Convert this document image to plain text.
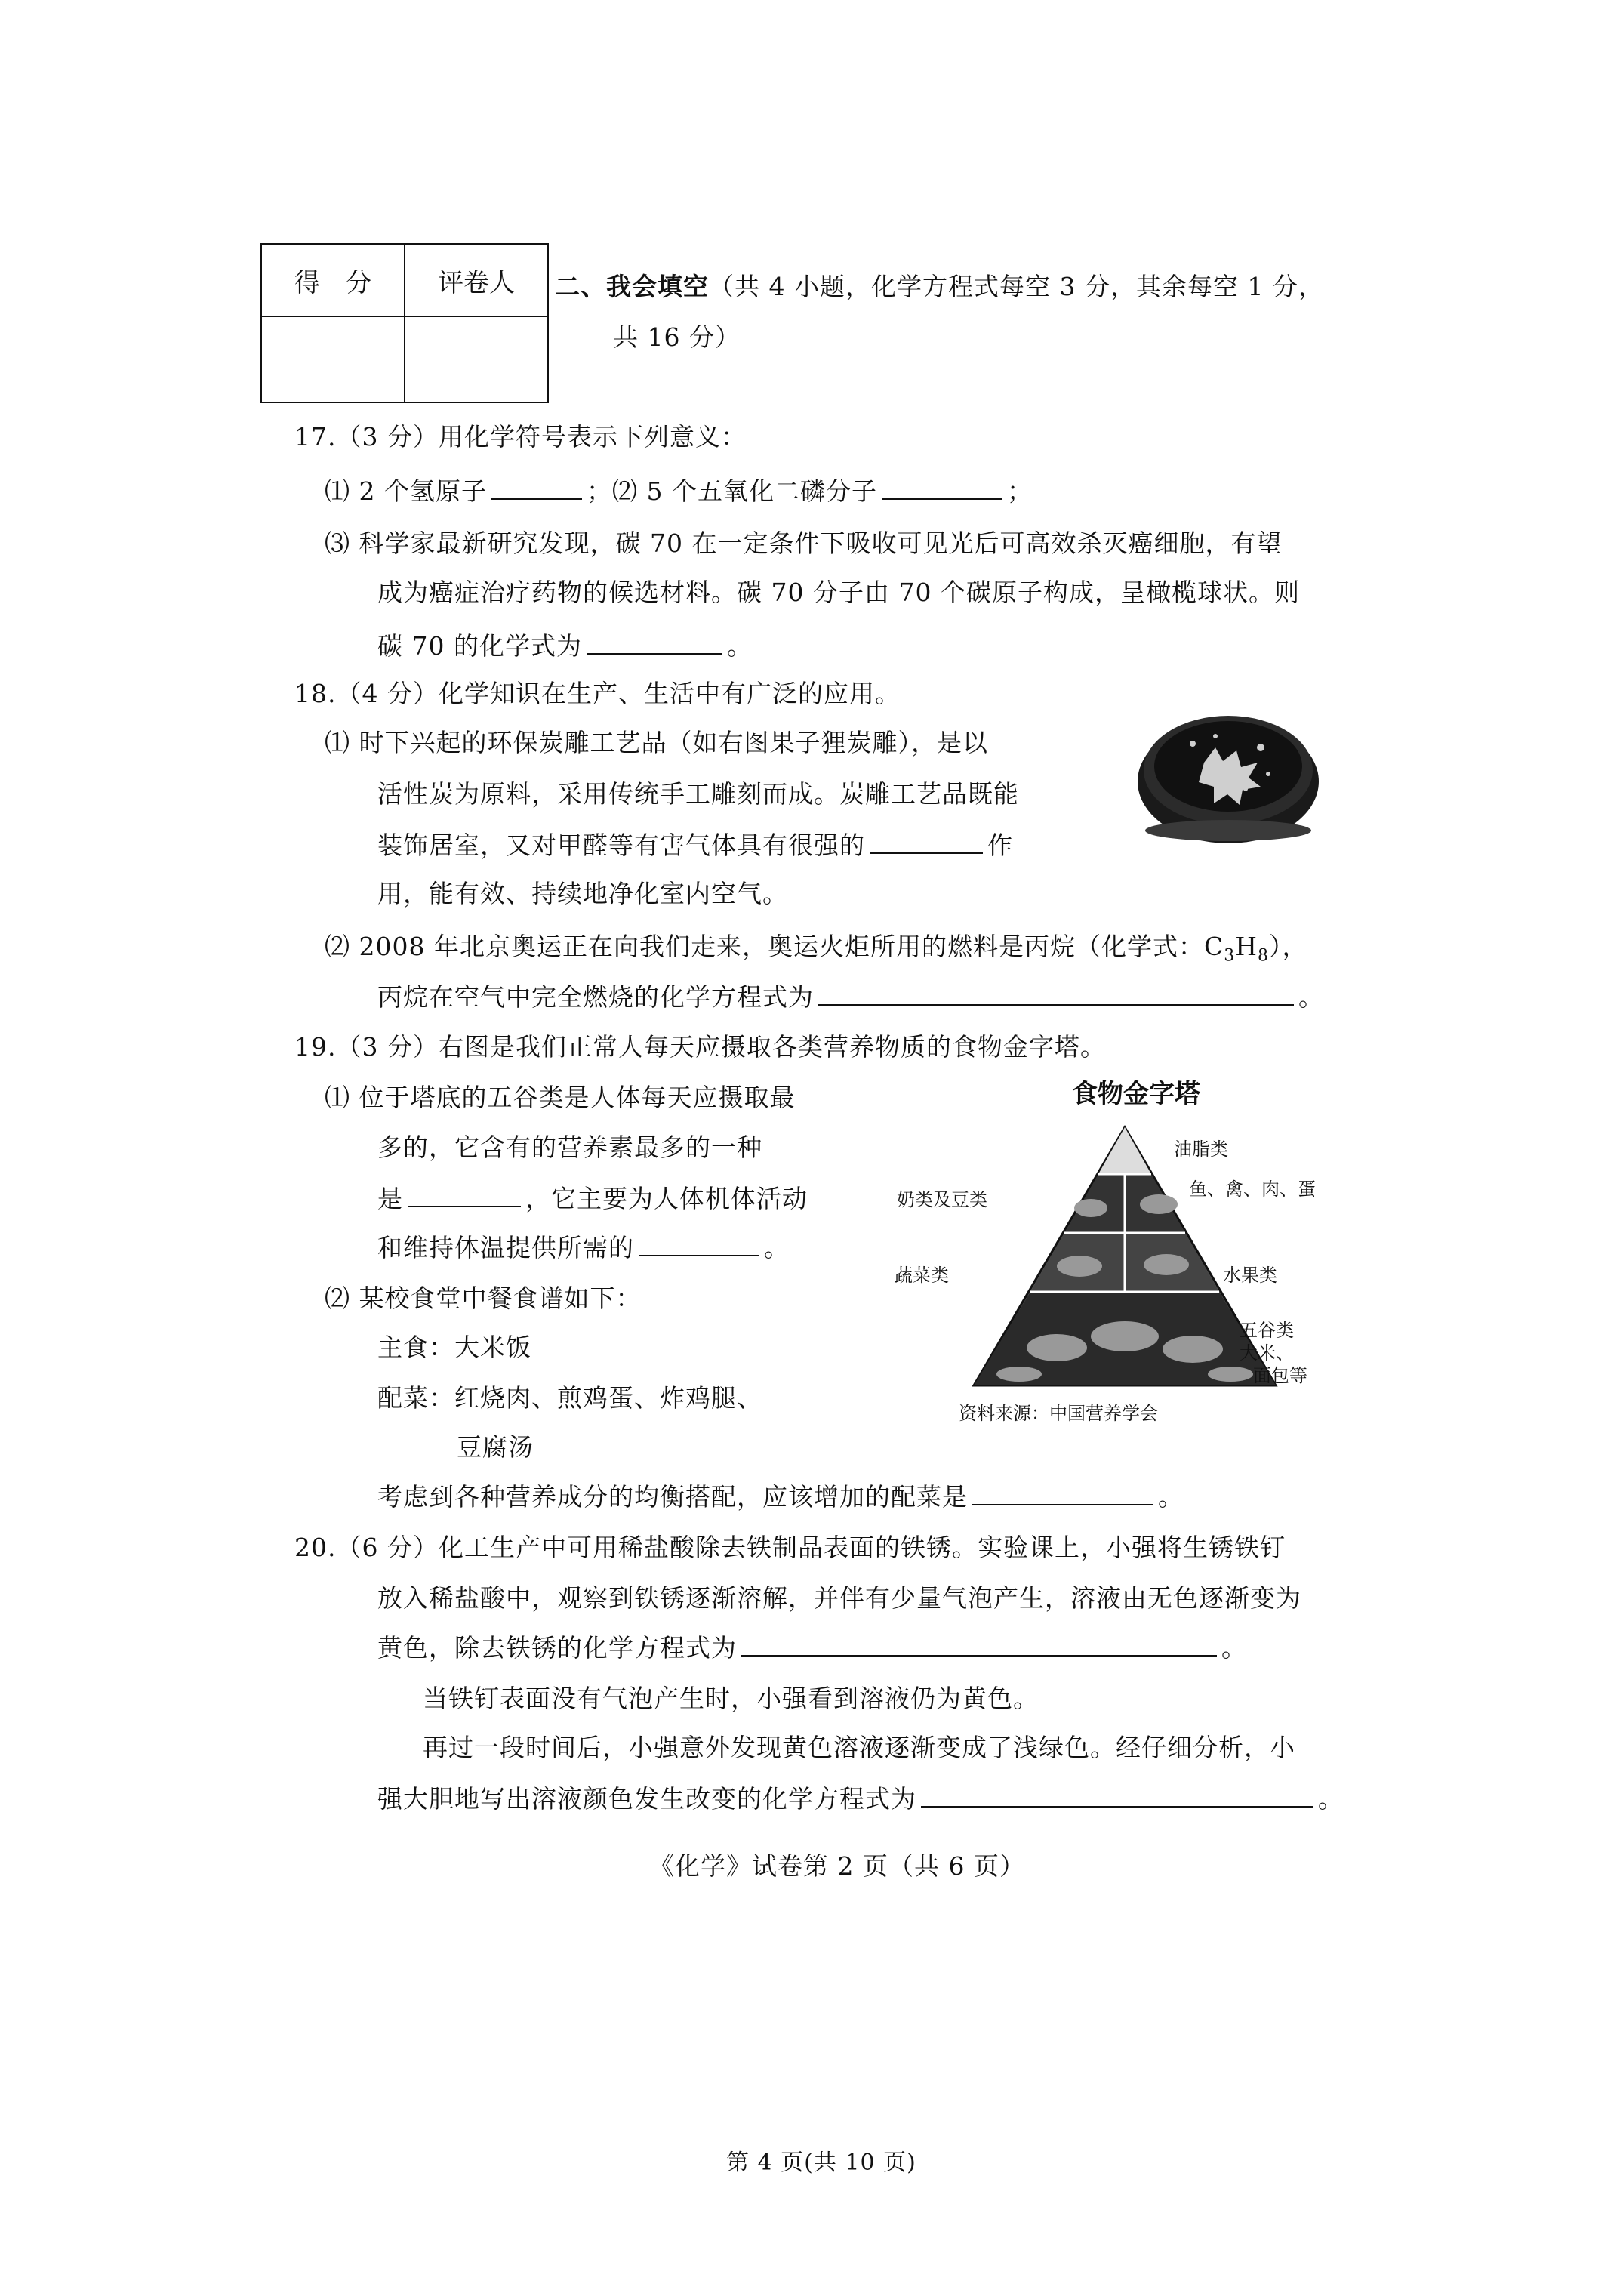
得　分	评卷人
	二、我会填空（共 4 小题，化学方程式每空 3 分，其余每空 1 分，
共 16 分）
17.（3 分）用化学符号表示下列意义：
⑴ 2 个氢原子	；⑵ 5 个五氧化二磷分子	；
⑶ 科学家最新研究发现，碳 70 在一定条件下吸收可见光后可高效杀灭癌细胞，有望
成为癌症治疗药物的候选材料。碳 70 分子由 70 个碳原子构成，呈橄榄球状。则
碳 70 的化学式为	。
18.（4 分）化学知识在生产、生活中有广泛的应用。
⑴ 时下兴起的环保炭雕工艺品（如右图果子狸炭雕），是以
活性炭为原料，采用传统手工雕刻而成。炭雕工艺品既能
装饰居室，又对甲醛等有害气体具有很强的	作
用，能有效、持续地净化室内空气。
⑵ 2008 年北京奥运正在向我们走来，奥运火炬所用的燃料是丙烷（化学式：$C_3H_8$），
丙烷在空气中完全燃烧的化学方程式为	。
19.（3 分）右图是我们正常人每天应摄取各类营养物质的食物金字塔。
⑴ 位于塔底的五谷类是人体每天应摄取最
多的，它含有的营养素最多的一种
是	，它主要为人体机体活动
和维持体温提供所需的	。
⑵ 某校食堂中餐食谱如下：
主食：大米饭
配菜：红烧肉、煎鸡蛋、炸鸡腿、
豆腐汤
考虑到各种营养成分的均衡搭配，应该增加的配菜是	。
食物金字塔
油脂类
奶类及豆类	鱼、禽、肉、蛋
蔬菜类	水果类
五谷类
大米、
面包等
资料来源：中国营养学会
20.（6 分）化工生产中可用稀盐酸除去铁制品表面的铁锈。实验课上，小强将生锈铁钉
放入稀盐酸中，观察到铁锈逐渐溶解，并伴有少量气泡产生，溶液由无色逐渐变为
黄色，除去铁锈的化学方程式为	。
当铁钉表面没有气泡产生时，小强看到溶液仍为黄色。
再过一段时间后，小强意外发现黄色溶液逐渐变成了浅绿色。经仔细分析，小
强大胆地写出溶液颜色发生改变的化学方程式为	。
《化学》试卷第 2 页（共 6 页）
第 4 页(共 10 页)
